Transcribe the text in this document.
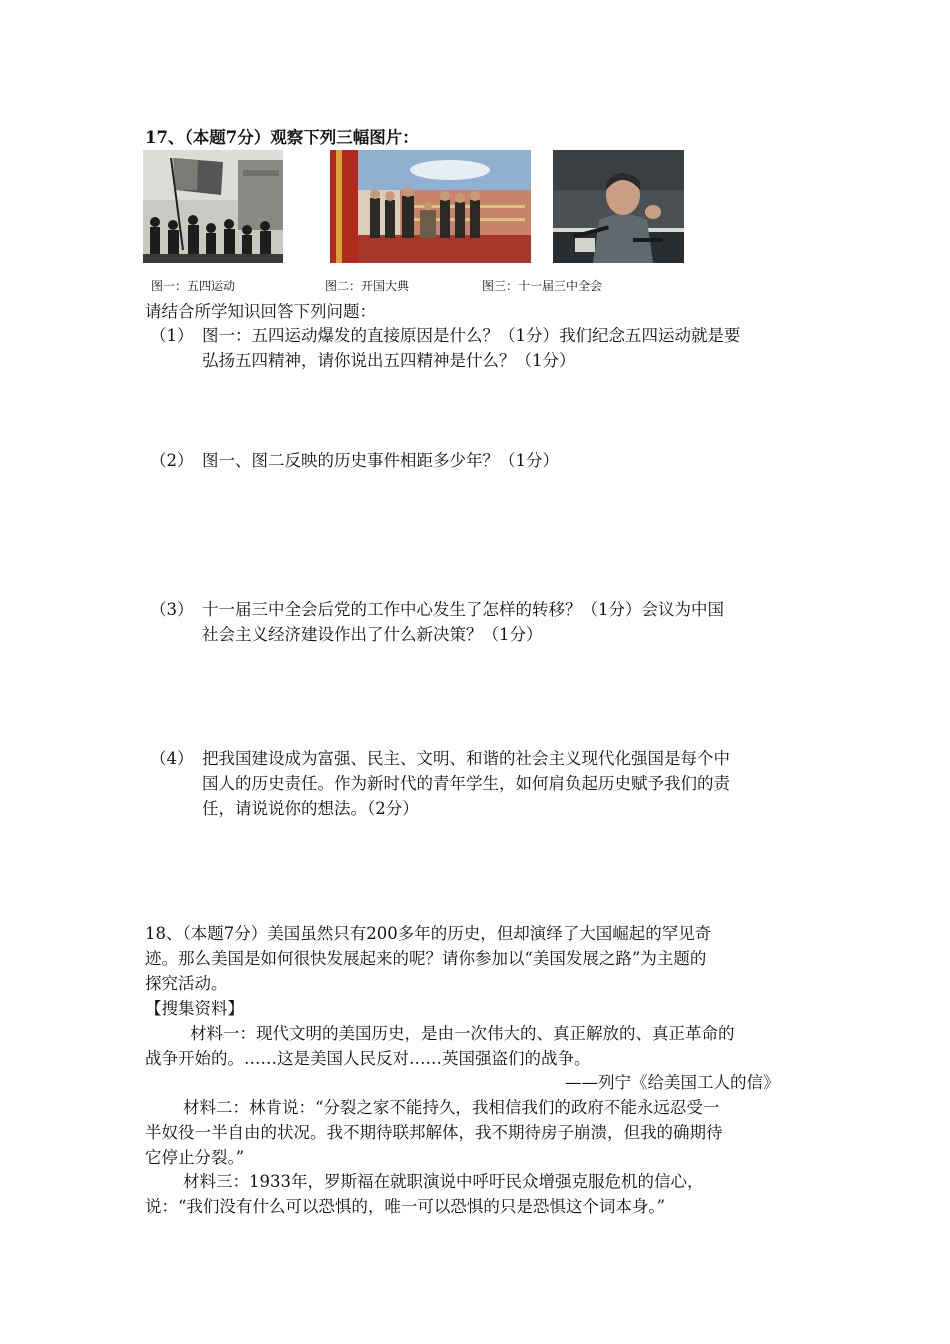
17、（本题7分）观察下列三幅图片：
图一：五四运动	图二：开国大典	图三：十一届三中全会
请结合所学知识回答下列问题：
（1） 图一：五四运动爆发的直接原因是什么？（1分）我们纪念五四运动就是要
弘扬五四精神，请你说出五四精神是什么？（1分）
（2） 图一、图二反映的历史事件相距多少年？（1分）
（3） 十一届三中全会后党的工作中心发生了怎样的转移？（1分）会议为中国
社会主义经济建设作出了什么新决策？（1分）
（4） 把我国建设成为富强、民主、文明、和谐的社会主义现代化强国是每个中
国人的历史责任。作为新时代的青年学生，如何肩负起历史赋予我们的责
任，请说说你的想法。（2分）
18、（本题7分）美国虽然只有200多年的历史，但却演绎了大国崛起的罕见奇
迹。那么美国是如何很快发展起来的呢？请你参加以“美国发展之路”为主题的
探究活动。
【搜集资料】
材料一：现代文明的美国历史，是由一次伟大的、真正解放的、真正革命的
战争开始的。……这是美国人民反对……英国强盗们的战争。
——列宁《给美国工人的信》
材料二：林肯说：“分裂之家不能持久，我相信我们的政府不能永远忍受一
半奴役一半自由的状况。我不期待联邦解体，我不期待房子崩溃，但我的确期待
它停止分裂。”
材料三：1933年，罗斯福在就职演说中呼吁民众增强克服危机的信心，
说：“我们没有什么可以恐惧的，唯一可以恐惧的只是恐惧这个词本身。”
